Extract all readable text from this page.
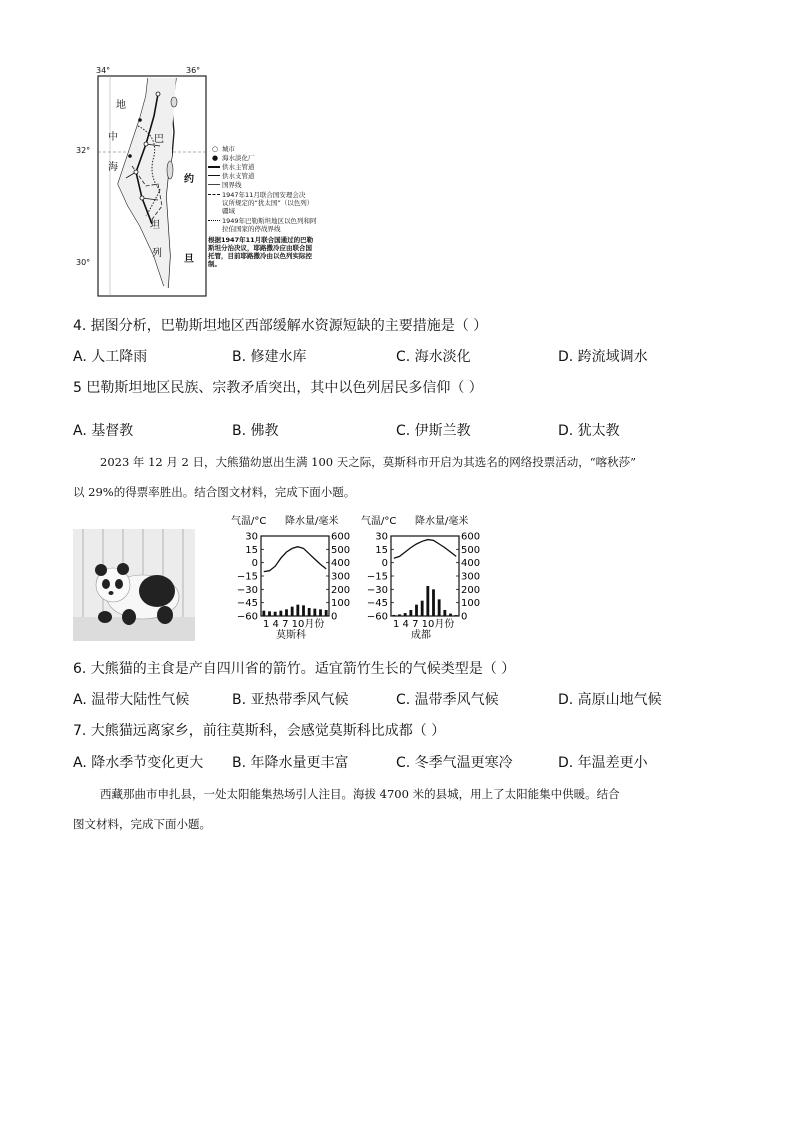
34°	36°
32°
30°
地
中
海
约
坦
列
旦
巴
○ 城市
● 海水淡化厂
供水主管道
供水支管道
国界线
1947年11月联合国安理会决议所规定的“犹太国”（以色列）疆域
1949年巴勒斯坦地区以色列和阿拉伯国家的停战界线
根据1947年11月联合国通过的巴勒斯坦分治决议，耶路撒冷应由联合国托管，目前耶路撒冷由以色列实际控制。
4. 据图分析，巴勒斯坦地区西部缓解水资源短缺的主要措施是（ ）
A. 人工降雨	B. 修建水库	C. 海水淡化	D. 跨流域调水
5 巴勒斯坦地区民族、宗教矛盾突出，其中以色列居民多信仰（ ）
A. 基督教	B. 佛教	C. 伊斯兰教	D. 犹太教
2023 年 12 月 2 日，大熊猫幼崽出生满 100 天之际，莫斯科市开启为其选名的网络投票活动，“喀秋莎”
以 29%的得票率胜出。结合图文材料，完成下面小题。
气温/°C 降水量/毫米
30
15
0
−15
−30
−45
−60
600
500
400
300
200
100
0
1 4 7 10月份
莫斯科
气温/°C 降水量/毫米
30
15
0
−15
−30
−45
−60
600
500
400
300
200
100
0
1 4 7 10月份
成都
6. 大熊猫的主食是产自四川省的箭竹。适宜箭竹生长的气候类型是（ ）
A. 温带大陆性气候	B. 亚热带季风气候	C. 温带季风气候	D. 高原山地气候
7. 大熊猫远离家乡，前往莫斯科，会感觉莫斯科比成都（ ）
A. 降水季节变化更大 B. 年降水量更丰富	C. 冬季气温更寒冷	D. 年温差更小
西藏那曲市申扎县，一处太阳能集热场引人注目。海拔 4700 米的县城，用上了太阳能集中供暖。结合
图文材料，完成下面小题。
